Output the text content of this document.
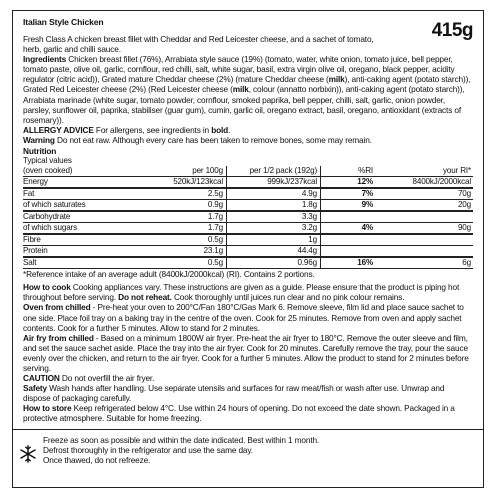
Italian Style Chicken	415g

Fresh Class A chicken breast fillet with Cheddar and Red Leicester cheese, and a sachet of tomato, herb, garlic and chilli sauce.

Ingredients Chicken breast fillet (76%), Arrabiata style sauce (19%) (tomato, water, white onion, tomato juice, bell pepper, tomato paste, olive oil, garlic, cornflour, red chilli, salt, white sugar, basil, extra virgin olive oil, oregano, black pepper, acidity regulator (citric acid)), Grated mature Cheddar cheese (2%) (mature Cheddar cheese (milk), anti-caking agent (potato starch)), Grated Red Leicester cheese (2%) (Red Leicester cheese (milk, colour (annatto norbixin)), anti-caking agent (potato starch)), Arrabiata marinade (white sugar, tomato powder, cornflour, smoked paprika, bell pepper, chilli, salt, garlic, onion powder, parsley, sunflower oil, paprika, stabiliser (guar gum), cumin, garlic oil, oregano extract, basil, oregano, antioxidant (extracts of rosemary)).

ALLERGY ADVICE For allergens, see ingredients in bold.

Warning Do not eat raw. Although every care has been taken to remove bones, some may remain.

Nutrition
Typical values				
(oven cooked)	per 100g	per 1/2 pack (192g)	%RI	your RI*
Energy	520kJ/123kcal	999kJ/237kcal	12%	8400kJ/2000kcal
Fat	2.5g	4.9g	7%	70g
of which saturates	0.9g	1.8g	9%	20g
Carbohydrate	1.7g	3.3g		
of which sugars	1.7g	3.2g	4%	90g
Fibre	0.5g	1g		
Protein	23.1g	44.4g		
Salt	0.5g	0.96g	16%	6g

*Reference intake of an average adult (8400kJ/2000kcal) (RI). Contains 2 portions.

How to cook Cooking appliances vary. These instructions are given as a guide. Please ensure that the product is piping hot throughout before serving. Do not reheat. Cook thoroughly until juices run clear and no pink colour remains.

Oven from chilled - Pre-heat your oven to 200°C/Fan 180°C/Gas Mark 6. Remove sleeve, film lid and place sauce sachet to one side. Place foil tray on a baking tray in the centre of the oven. Cook for 25 minutes. Remove from oven and apply sachet contents. Cook for a further 5 minutes. Allow to stand for 2 minutes.

Air fry from chilled - Based on a minimum 1800W air fryer. Pre-heat the air fryer to 180°C. Remove the outer sleeve and film, and set the sauce sachet aside. Place the tray into the air fryer. Cook for 20 minutes. Carefully remove the tray, pour the sauce evenly over the chicken, and return to the air fryer. Cook for a further 5 minutes. Allow the product to stand for 2 minutes before serving.

CAUTION Do not overfill the air fryer.

Safety Wash hands after handling. Use separate utensils and surfaces for raw meat/fish or wash after use. Unwrap and dispose of packaging carefully.

How to store Keep refrigerated below 4°C. Use within 24 hours of opening. Do not exceed the date shown. Packaged in a protective atmosphere. Suitable for home freezing.

Freeze as soon as possible and within the date indicated. Best within 1 month.

Defrost thoroughly in the refrigerator and use the same day.

Once thawed, do not refreeze.
